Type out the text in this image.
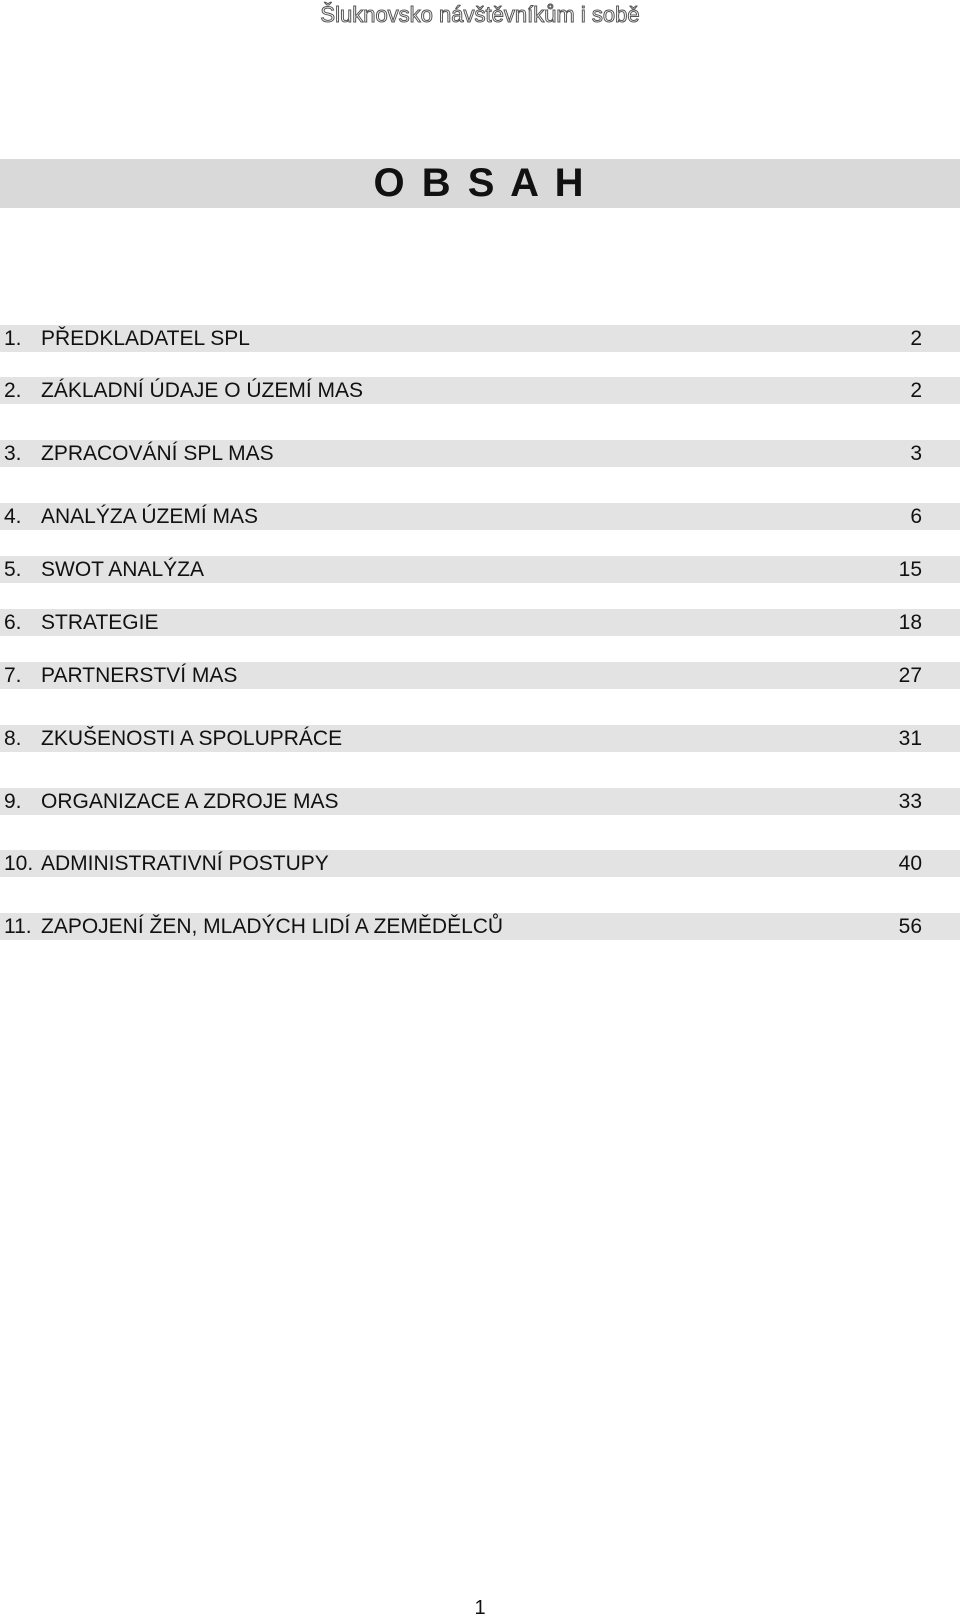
Šluknovsko návštěvníkům i sobě
O B S A H
1. PŘEDKLADATEL SPL	2
2. ZÁKLADNÍ ÚDAJE O ÚZEMÍ MAS	2
3. ZPRACOVÁNÍ SPL MAS	3
4. ANALÝZA ÚZEMÍ MAS	6
5. SWOT ANALÝZA	15
6. STRATEGIE	18
7. PARTNERSTVÍ MAS	27
8. ZKUŠENOSTI A SPOLUPRÁCE	31
9. ORGANIZACE A ZDROJE MAS	33
10. ADMINISTRATIVNÍ POSTUPY	40
11. ZAPOJENÍ ŽEN, MLADÝCH LIDÍ A ZEMĚDĚLCŮ	56
1
